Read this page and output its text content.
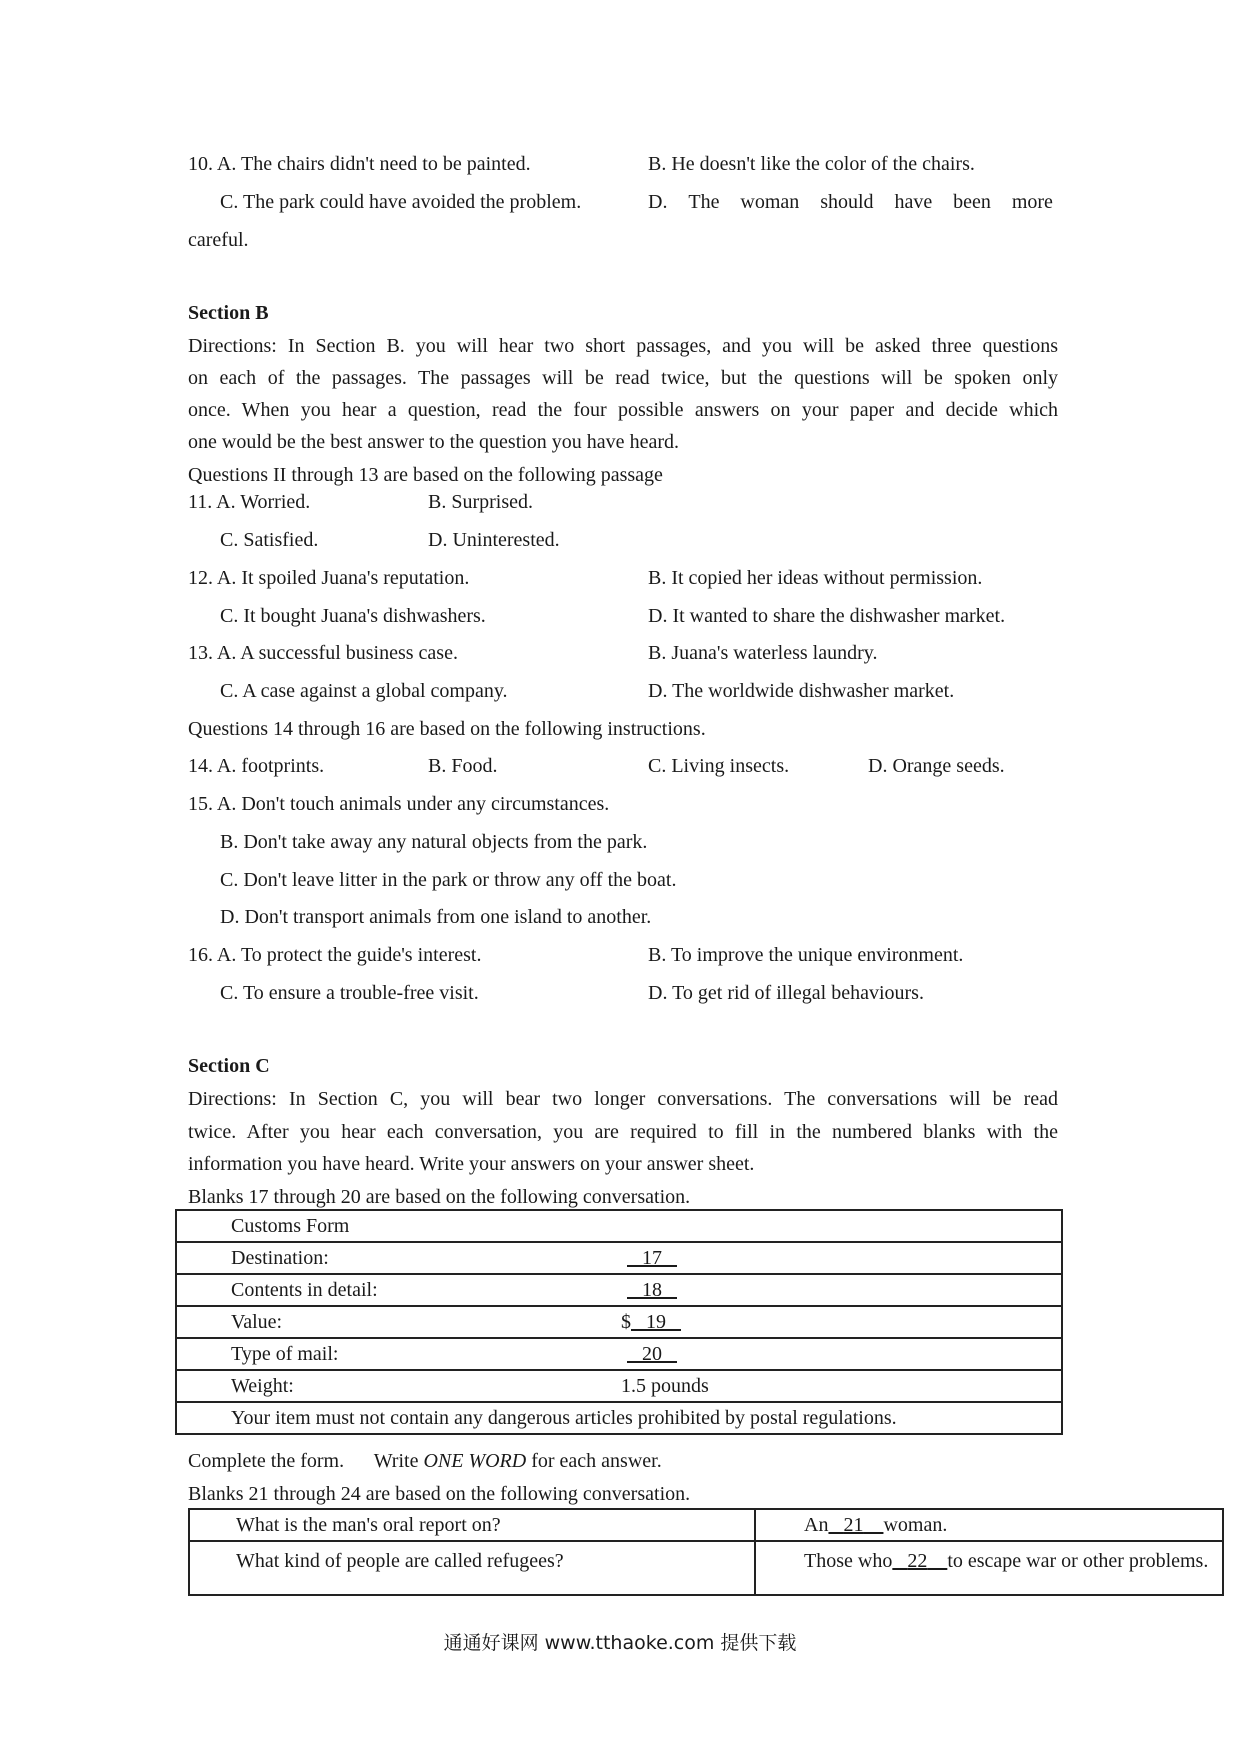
10. A. The chairs didn't need to be painted.	B. He doesn't like the color of the chairs.
C. The park could have avoided the problem.	D. The woman should have been more
careful.
Section B
Directions: In Section B. you will hear two short passages, and you will be asked three questions
on each of the passages. The passages will be read twice, but the questions will be spoken only
once. When you hear a question, read the four possible answers on your paper and decide which
one would be the best answer to the question you have heard.
Questions II through 13 are based on the following passage
11. A. Worried.	B. Surprised.
C. Satisfied.	D. Uninterested.
12. A. It spoiled Juana's reputation.	B. It copied her ideas without permission.
C. It bought Juana's dishwashers.	D. It wanted to share the dishwasher market.
13. A. A successful business case.	B. Juana's waterless laundry.
C. A case against a global company.	D. The worldwide dishwasher market.
Questions 14 through 16 are based on the following instructions.
14. A. footprints.	B. Food.	C. Living insects.	D. Orange seeds.
15. A. Don't touch animals under any circumstances.
B. Don't take away any natural objects from the park.
C. Don't leave litter in the park or throw any off the boat.
D. Don't transport animals from one island to another.
16. A. To protect the guide's interest.	B. To improve the unique environment.
C. To ensure a trouble-free visit.	D. To get rid of illegal behaviours.
Section C
Directions: In Section C, you will bear two longer conversations. The conversations will be read
twice. After you hear each conversation, you are required to fill in the numbered blanks with the
information you have heard. Write your answers on your answer sheet.
Blanks 17 through 20 are based on the following conversation.
Customs Form	
Destination:	17
Contents in detail:	18
Value:	$ 19
Type of mail:	20
Weight:	1.5 pounds
Your item must not contain any dangerous articles prohibited by postal regulations.	
Complete the form. Write ONE WORD for each answer.
Blanks 21 through 24 are based on the following conversation.
What is the man's oral report on?	An 21 woman.
What kind of people are called refugees?	Those who 22 to escape war or other problems.
通通好课网 www.tthaoke.com 提供下载
